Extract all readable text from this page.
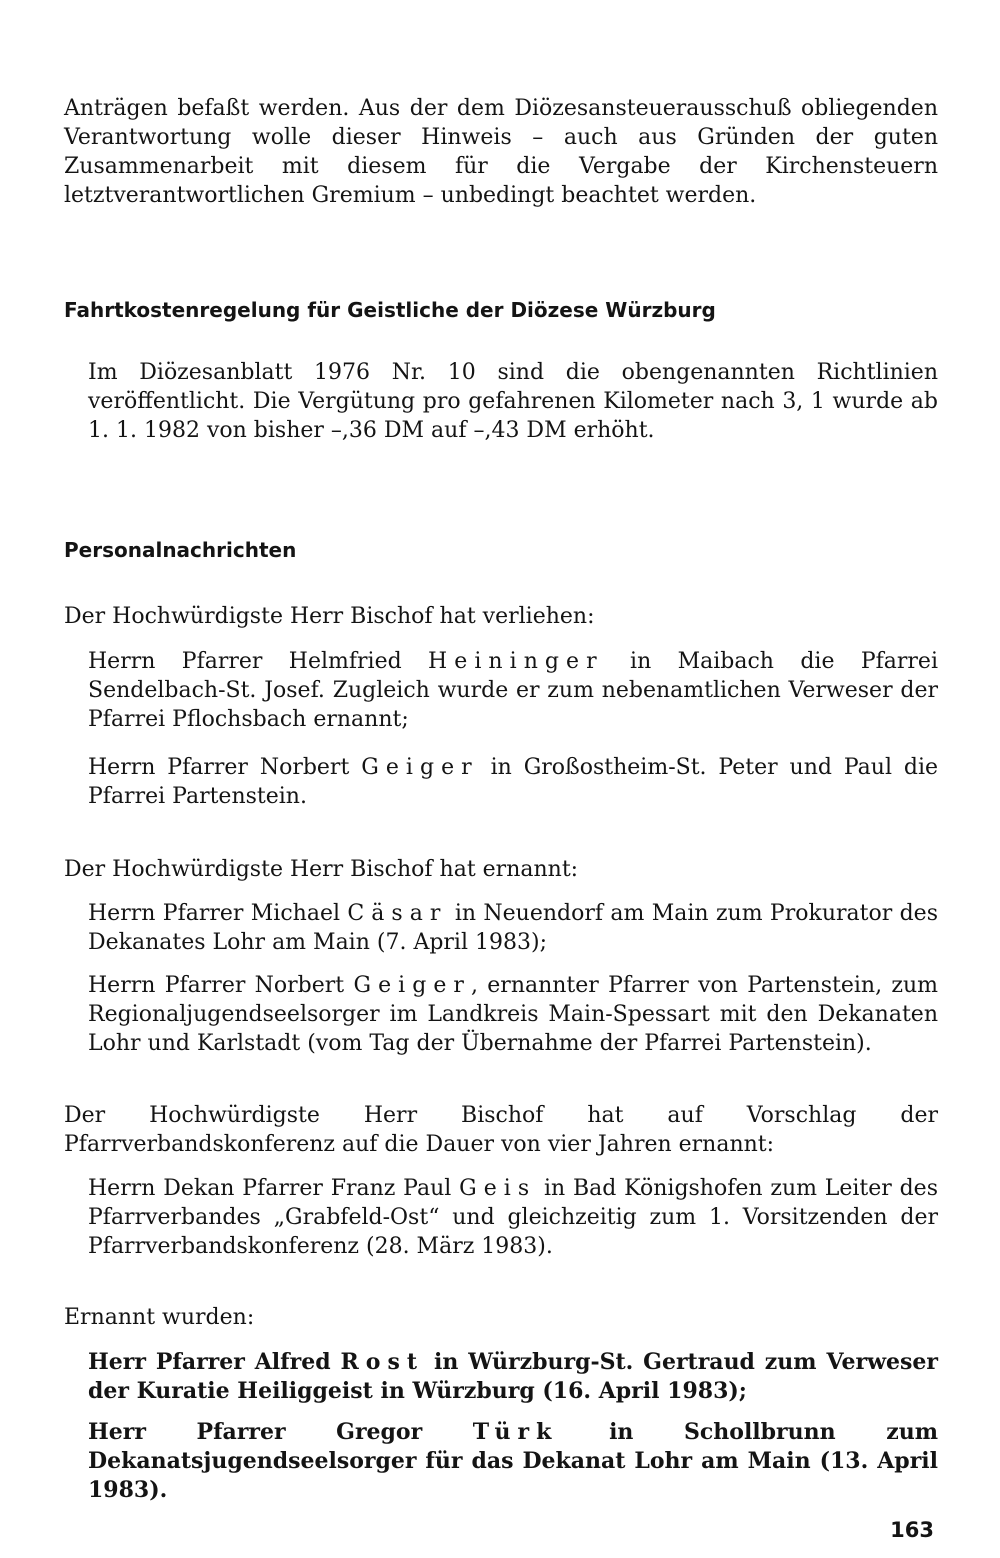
Anträgen befaßt werden. Aus der dem Diözesansteuerausschuß obliegenden Verantwortung wolle dieser Hinweis – auch aus Gründen der guten Zusammenarbeit mit diesem für die Vergabe der Kirchensteuern letztverantwortlichen Gremium – unbedingt beachtet werden.

Fahrtkostenregelung für Geistliche der Diözese Würzburg

Im Diözesanblatt 1976 Nr. 10 sind die obengenannten Richtlinien veröffentlicht. Die Vergütung pro gefahrenen Kilometer nach 3, 1 wurde ab 1. 1. 1982 von bisher –,36 DM auf –,43 DM erhöht.

Personalnachrichten

Der Hochwürdigste Herr Bischof hat verliehen:

Herrn Pfarrer Helmfried Heininger in Maibach die Pfarrei Sendelbach-St. Josef. Zugleich wurde er zum nebenamtlichen Verweser der Pfarrei Pflochsbach ernannt;

Herrn Pfarrer Norbert Geiger in Großostheim-St. Peter und Paul die Pfarrei Partenstein.

Der Hochwürdigste Herr Bischof hat ernannt:

Herrn Pfarrer Michael Cäsar in Neuendorf am Main zum Prokurator des Dekanates Lohr am Main (7. April 1983);

Herrn Pfarrer Norbert Geiger, ernannter Pfarrer von Partenstein, zum Regionaljugendseelsorger im Landkreis Main-Spessart mit den Dekanaten Lohr und Karlstadt (vom Tag der Übernahme der Pfarrei Partenstein).

Der Hochwürdigste Herr Bischof hat auf Vorschlag der Pfarrverbandskonferenz auf die Dauer von vier Jahren ernannt:

Herrn Dekan Pfarrer Franz Paul Geis in Bad Königshofen zum Leiter des Pfarrverbandes „Grabfeld-Ost“ und gleichzeitig zum 1. Vorsitzenden der Pfarrverbandskonferenz (28. März 1983).

Ernannt wurden:

Herr Pfarrer Alfred Rost in Würzburg-St. Gertraud zum Verweser der Kuratie Heiliggeist in Würzburg (16. April 1983);

Herr Pfarrer Gregor Türk in Schollbrunn zum Dekanatsjugendseelsorger für das Dekanat Lohr am Main (13. April 1983).

163
